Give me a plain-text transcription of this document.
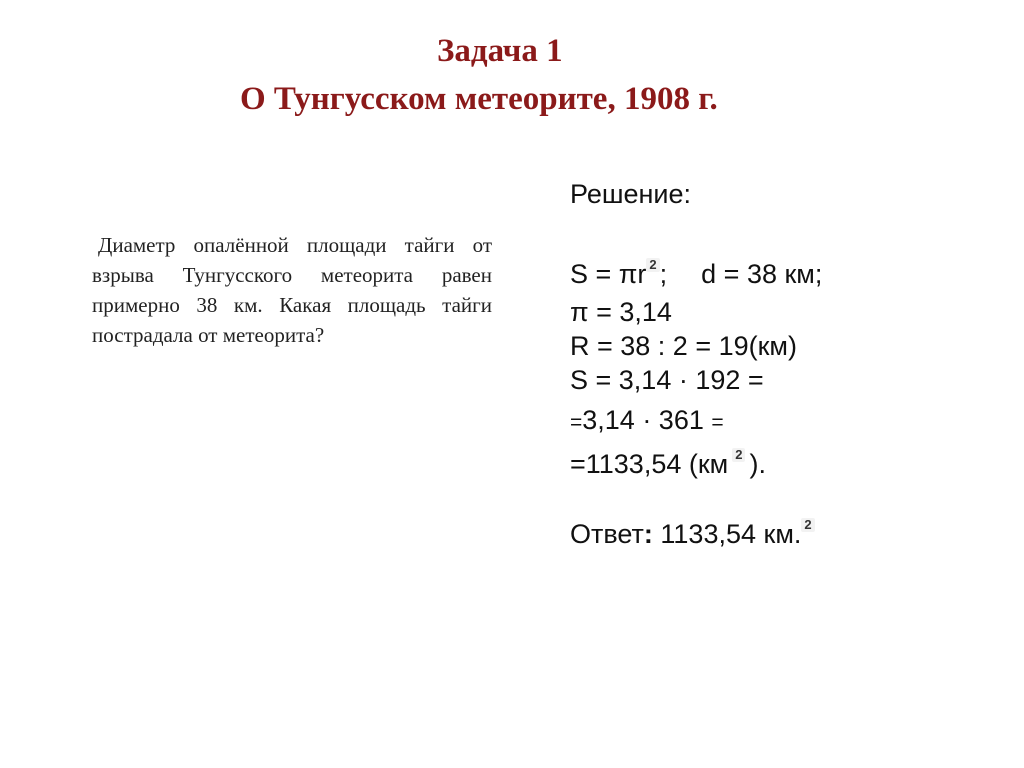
Задача 1
О Тунгусском метеорите, 1908 г.
Диаметр опалённой площади тайги от взрыва Тунгусского метеорита равен примерно 38 км. Какая площадь тайги пострадала от метеорита?
Решение:
S = πr 2 ; d = 38 км;
π = 3,14
R = 38 : 2 = 19(км)
S = 3,14 · 192 =
=3,14 · 361 =
=1133,54 (км 2 ).
Ответ: 1133,54 км. 2
